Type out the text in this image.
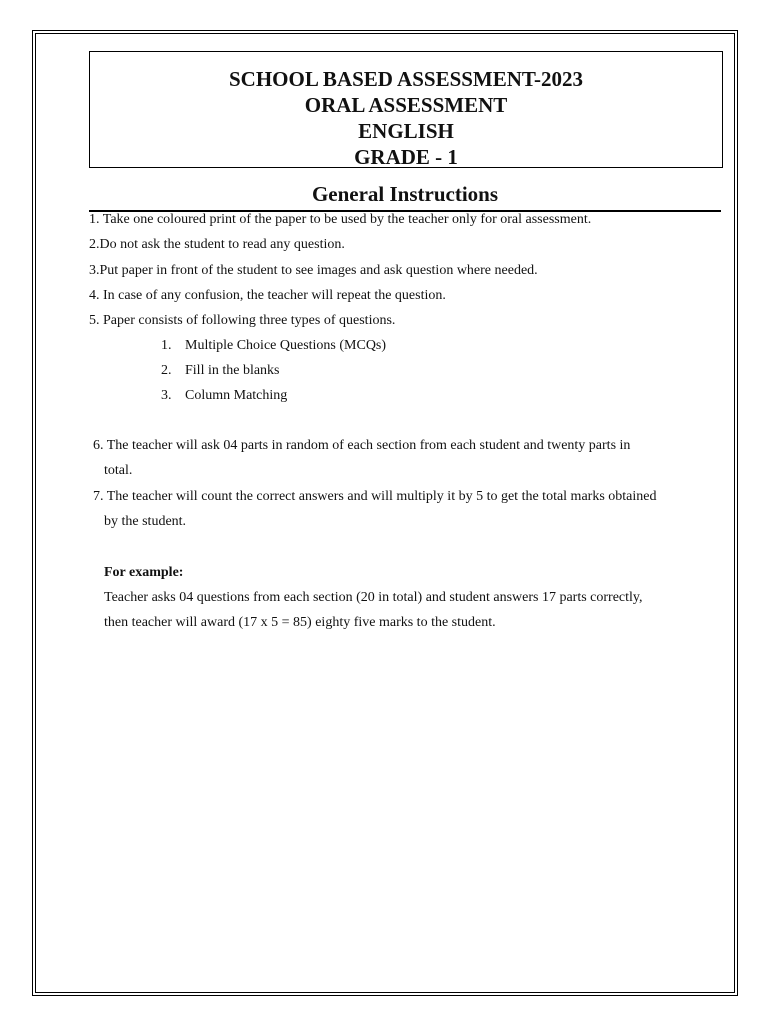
SCHOOL BASED ASSESSMENT-2023
ORAL ASSESSMENT
ENGLISH
GRADE - 1
General Instructions
1. Take one coloured print of the paper to be used by the teacher only for oral assessment.
2.Do not ask the student to read any question.
3.Put paper in front of the student to see images and ask question where needed.
4. In case of any confusion, the teacher will repeat the question.
5. Paper consists of following three types of questions.
1. Multiple Choice Questions (MCQs)
2. Fill in the blanks
3. Column Matching
6. The teacher will ask 04 parts in random of each section from each student and twenty parts in
total.
7. The teacher will count the correct answers and will multiply it by 5 to get the total marks obtained
by the student.
For example:
Teacher asks 04 questions from each section (20 in total) and student answers 17 parts correctly,
then teacher will award (17 x 5 = 85) eighty five marks to the student.
